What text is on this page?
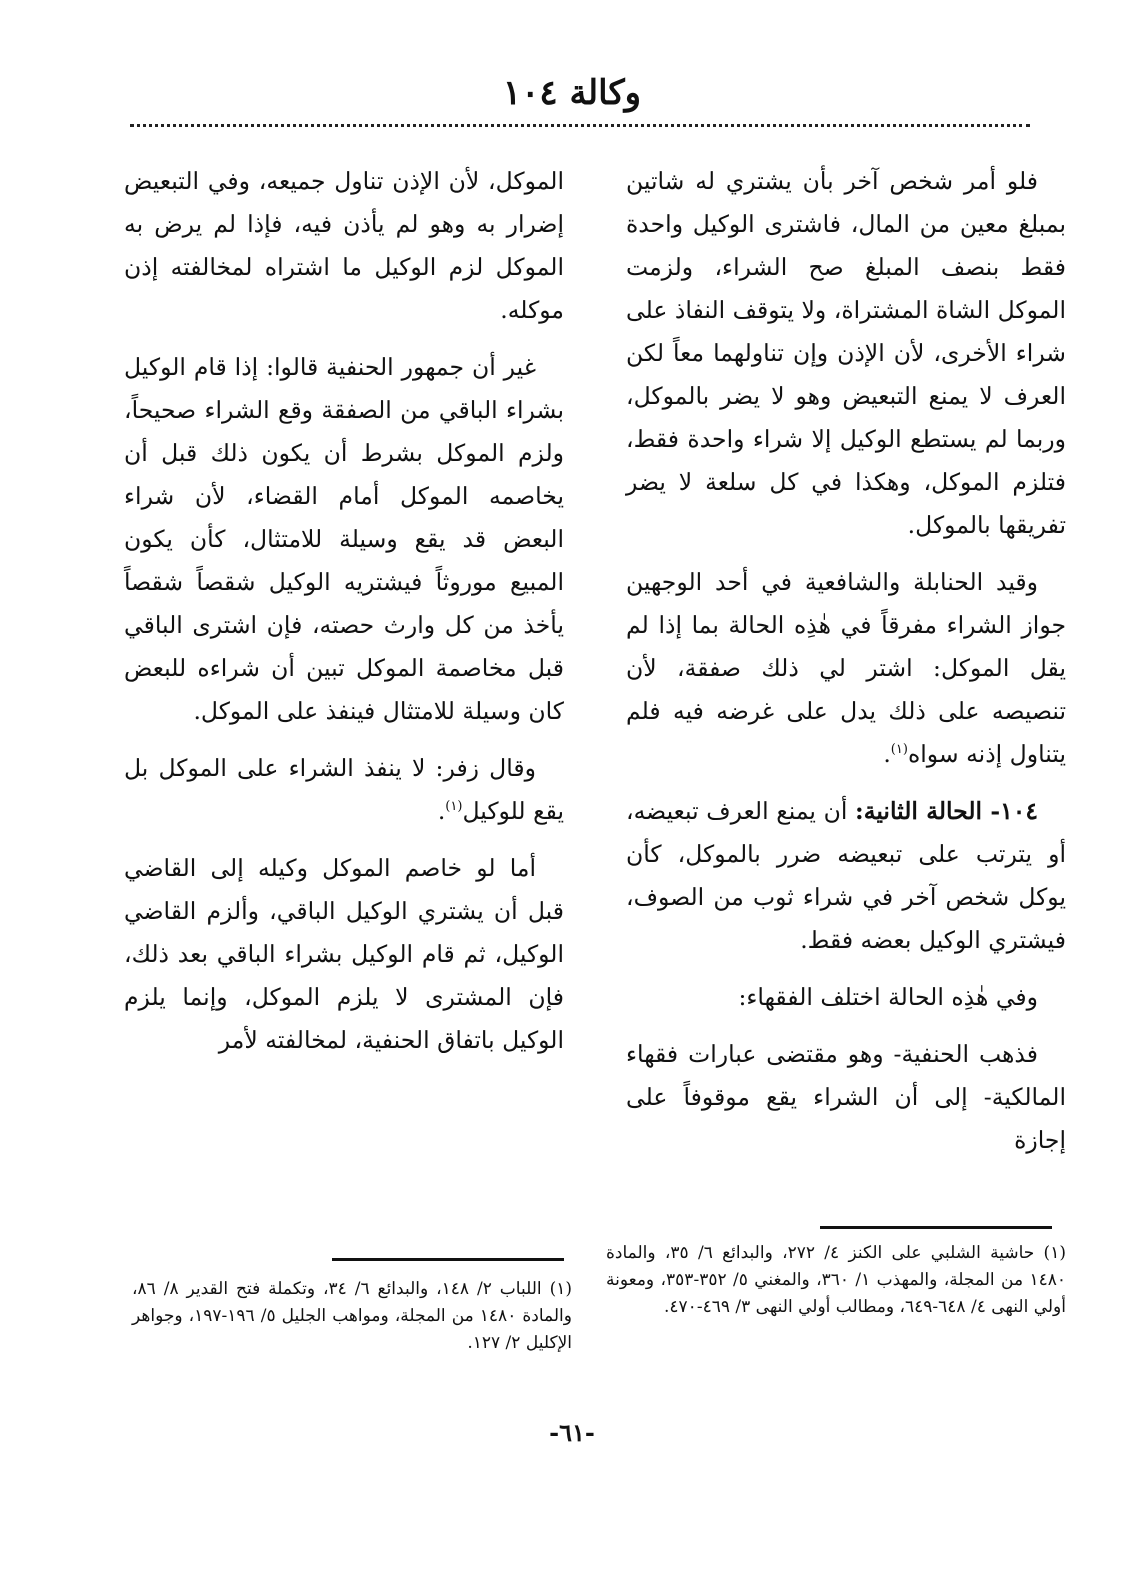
وكالة ١٠٤

فلو أمر شخص آخر بأن يشتري له شاتين بمبلغ معين من المال، فاشترى الوكيل واحدة فقط بنصف المبلغ صح الشراء، ولزمت الموكل الشاة المشتراة، ولا يتوقف النفاذ على شراء الأخرى، لأن الإذن وإن تناولهما معاً لكن العرف لا يمنع التبعيض وهو لا يضر بالموكل، وربما لم يستطع الوكيل إلا شراء واحدة فقط، فتلزم الموكل، وهكذا في كل سلعة لا يضر تفريقها بالموكل.

وقيد الحنابلة والشافعية في أحد الوجهين جواز الشراء مفرقاً في هٰذِه الحالة بما إذا لم يقل الموكل: اشتر لي ذلك صفقة، لأن تنصيصه على ذلك يدل على غرضه فيه فلم يتناول إذنه سواه$^{(١)}$.

١٠٤- الحالة الثانية: أن يمنع العرف تبعيضه، أو يترتب على تبعيضه ضرر بالموكل، كأن يوكل شخص آخر في شراء ثوب من الصوف، فيشتري الوكيل بعضه فقط.

وفي هٰذِه الحالة اختلف الفقهاء:

فذهب الحنفية- وهو مقتضى عبارات فقهاء المالكية- إلى أن الشراء يقع موقوفاً على إجازة

الموكل، لأن الإذن تناول جميعه، وفي التبعيض إضرار به وهو لم يأذن فيه، فإذا لم يرض به الموكل لزم الوكيل ما اشتراه لمخالفته إذن موكله.

غير أن جمهور الحنفية قالوا: إذا قام الوكيل بشراء الباقي من الصفقة وقع الشراء صحيحاً، ولزم الموكل بشرط أن يكون ذلك قبل أن يخاصمه الموكل أمام القضاء، لأن شراء البعض قد يقع وسيلة للامتثال، كأن يكون المبيع موروثاً فيشتريه الوكيل شقصاً شقصاً يأخذ من كل وارث حصته، فإن اشترى الباقي قبل مخاصمة الموكل تبين أن شراءه للبعض كان وسيلة للامتثال فينفذ على الموكل.

وقال زفر: لا ينفذ الشراء على الموكل بل يقع للوكيل$^{(١)}$.

أما لو خاصم الموكل وكيله إلى القاضي قبل أن يشتري الوكيل الباقي، وألزم القاضي الوكيل، ثم قام الوكيل بشراء الباقي بعد ذلك، فإن المشترى لا يلزم الموكل، وإنما يلزم الوكيل باتفاق الحنفية، لمخالفته لأمر

(١) حاشية الشلبي على الكنز ٤/ ٢٧٢، والبدائع ٦/ ٣٥، والمادة ١٤٨٠ من المجلة، والمهذب ١/ ٣٦٠، والمغني ٥/ ٣٥٢-٣٥٣، ومعونة أولي النهى ٤/ ٦٤٨-٦٤٩، ومطالب أولي النهى ٣/ ٤٦٩-٤٧٠.
(١) اللباب ٢/ ١٤٨، والبدائع ٦/ ٣٤، وتكملة فتح القدير ٨/ ٨٦، والمادة ١٤٨٠ من المجلة، ومواهب الجليل ٥/ ١٩٦-١٩٧، وجواهر الإكليل ٢/ ١٢٧.
-٦١-
